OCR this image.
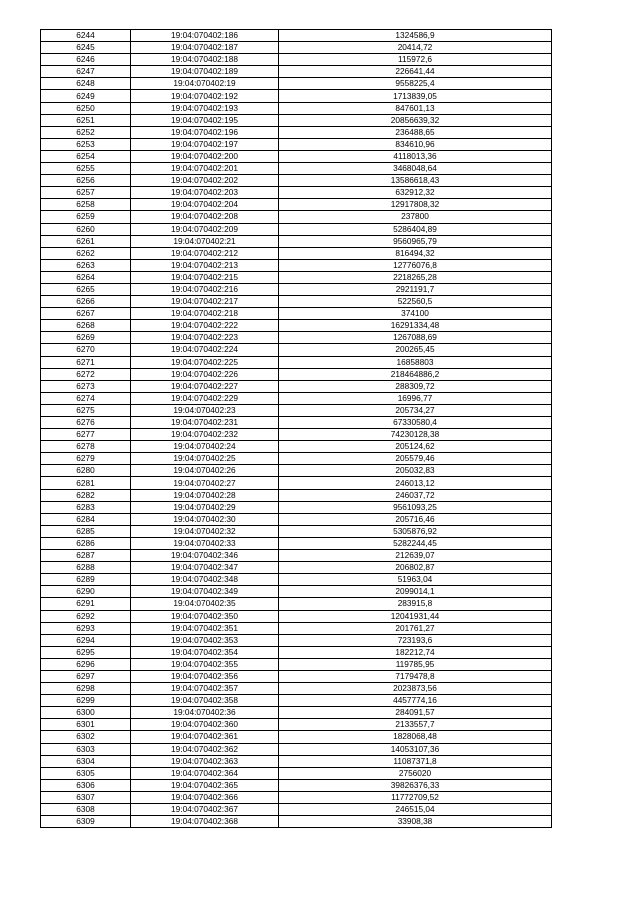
6244	19:04:070402:186	1324586,9
6245	19:04:070402:187	20414,72
6246	19:04:070402:188	115972,6
6247	19:04:070402:189	226641,44
6248	19:04:070402:19	9558225,4
6249	19:04:070402:192	1713839,05
6250	19:04:070402:193	847601,13
6251	19:04:070402:195	20856639,32
6252	19:04:070402:196	236488,65
6253	19:04:070402:197	834610,96
6254	19:04:070402:200	4118013,36
6255	19:04:070402:201	3468048,64
6256	19:04:070402:202	13586618,43
6257	19:04:070402:203	632912,32
6258	19:04:070402:204	12917808,32
6259	19:04:070402:208	237800
6260	19:04:070402:209	5286404,89
6261	19:04:070402:21	9560965,79
6262	19:04:070402:212	816494,32
6263	19:04:070402:213	12776076,8
6264	19:04:070402:215	2218265,28
6265	19:04:070402:216	2921191,7
6266	19:04:070402:217	522560,5
6267	19:04:070402:218	374100
6268	19:04:070402:222	16291334,48
6269	19:04:070402:223	1267088,69
6270	19:04:070402:224	200265,45
6271	19:04:070402:225	16858803
6272	19:04:070402:226	218464886,2
6273	19:04:070402:227	288309,72
6274	19:04:070402:229	16996,77
6275	19:04:070402:23	205734,27
6276	19:04:070402:231	67330580,4
6277	19:04:070402:232	74230128,38
6278	19:04:070402:24	205124,62
6279	19:04:070402:25	205579,46
6280	19:04:070402:26	205032,83
6281	19:04:070402:27	246013,12
6282	19:04:070402:28	246037,72
6283	19:04:070402:29	9561093,25
6284	19:04:070402:30	205716,46
6285	19:04:070402:32	5305876,92
6286	19:04:070402:33	5282244,45
6287	19:04:070402:346	212639,07
6288	19:04:070402:347	206802,87
6289	19:04:070402:348	51963,04
6290	19:04:070402:349	2099014,1
6291	19:04:070402:35	283915,8
6292	19:04:070402:350	12041931,44
6293	19:04:070402:351	201761,27
6294	19:04:070402:353	723193,6
6295	19:04:070402:354	182212,74
6296	19:04:070402:355	119785,95
6297	19:04:070402:356	7179478,8
6298	19:04:070402:357	2023873,56
6299	19:04:070402:358	4457774,16
6300	19:04:070402:36	284091,57
6301	19:04:070402:360	2133557,7
6302	19:04:070402:361	1828068,48
6303	19:04:070402:362	14053107,36
6304	19:04:070402:363	11087371,8
6305	19:04:070402:364	2756020
6306	19:04:070402:365	39826376,33
6307	19:04:070402:366	11772709,52
6308	19:04:070402:367	246515,04
6309	19:04:070402:368	33908,38
